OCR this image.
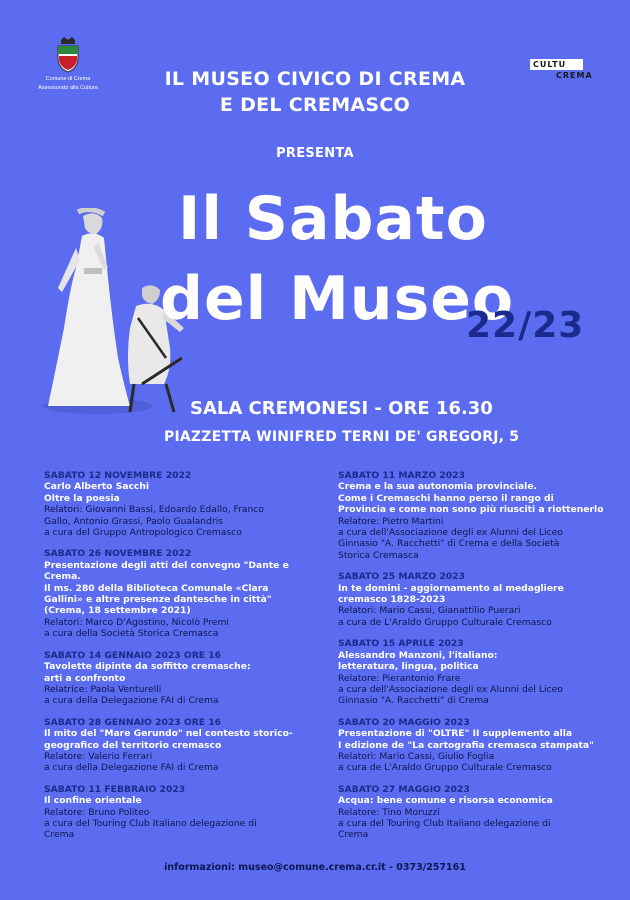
Comune di Crema
Assessorato alla Cultura
CULTURA
CREMA
IL MUSEO CIVICO DI CREMA
E DEL CREMASCO
PRESENTA
Il Sabato
del Museo
22/23
SALA CREMONESI - ORE 16.30
PIAZZETTA WINIFRED TERNI DE' GREGORJ, 5
SABATO 12 NOVEMBRE 2022
Carlo Alberto Sacchi
Oltre la poesia
Relatori: Giovanni Bassi, Edoardo Edallo, Franco
Gallo, Antonio Grassi, Paolo Gualandris
a cura del Gruppo Antropologico Cremasco
SABATO 26 NOVEMBRE 2022
Presentazione degli atti del convegno "Dante e
Crema.
Il ms. 280 della Biblioteca Comunale «Clara
Gallini» e altre presenze dantesche in città"
(Crema, 18 settembre 2021)
Relatori: Marco D'Agostino, Nicolò Premi
a cura della Società Storica Cremasca
SABATO 14 GENNAIO 2023 ORE 16
Tavolette dipinte da soffitto cremasche:
arti a confronto
Relatrice: Paola Venturelli
a cura della Delegazione FAI di Crema
SABATO 28 GENNAIO 2023 ORE 16
Il mito del "Mare Gerundo" nel contesto storico-
geografico del territorio cremasco
Relatore: Valerio Ferrari
a cura della Delegazione FAI di Crema
SABATO 11 FEBBRAIO 2023
Il confine orientale
Relatore: Bruno Politeo
a cura del Touring Club Italiano delegazione di
Crema
SABATO 11 MARZO 2023
Crema e la sua autonomia provinciale.
Come i Cremaschi hanno perso il rango di
Provincia e come non sono più riusciti a riottenerlo
Relatore: Pietro Martini
a cura dell'Associazione degli ex Alunni del Liceo
Ginnasio "A. Racchetti" di Crema e della Società
Storica Cremasca
SABATO 25 MARZO 2023
In te domini - aggiornamento al medagliere
cremasco 1828-2023
Relatori: Mario Cassi, Gianattilio Puerari
a cura de L'Araldo Gruppo Culturale Cremasco
SABATO 15 APRILE 2023
Alessandro Manzoni, l'italiano:
letteratura, lingua, politica
Relatore: Pierantonio Frare
a cura dell'Associazione degli ex Alunni del Liceo
Ginnasio "A. Racchetti" di Crema
SABATO 20 MAGGIO 2023
Presentazione di "OLTRE" II supplemento alla
I edizione de "La cartografia cremasca stampata"
Relatori: Mario Cassi, Giulio Foglia
a cura de L'Araldo Gruppo Culturale Cremasco
SABATO 27 MAGGIO 2023
Acqua: bene comune e risorsa economica
Relatore: Tino Moruzzi
a cura del Touring Club Italiano delegazione di
Crema
informazioni: museo@comune.crema.cr.it - 0373/257161
